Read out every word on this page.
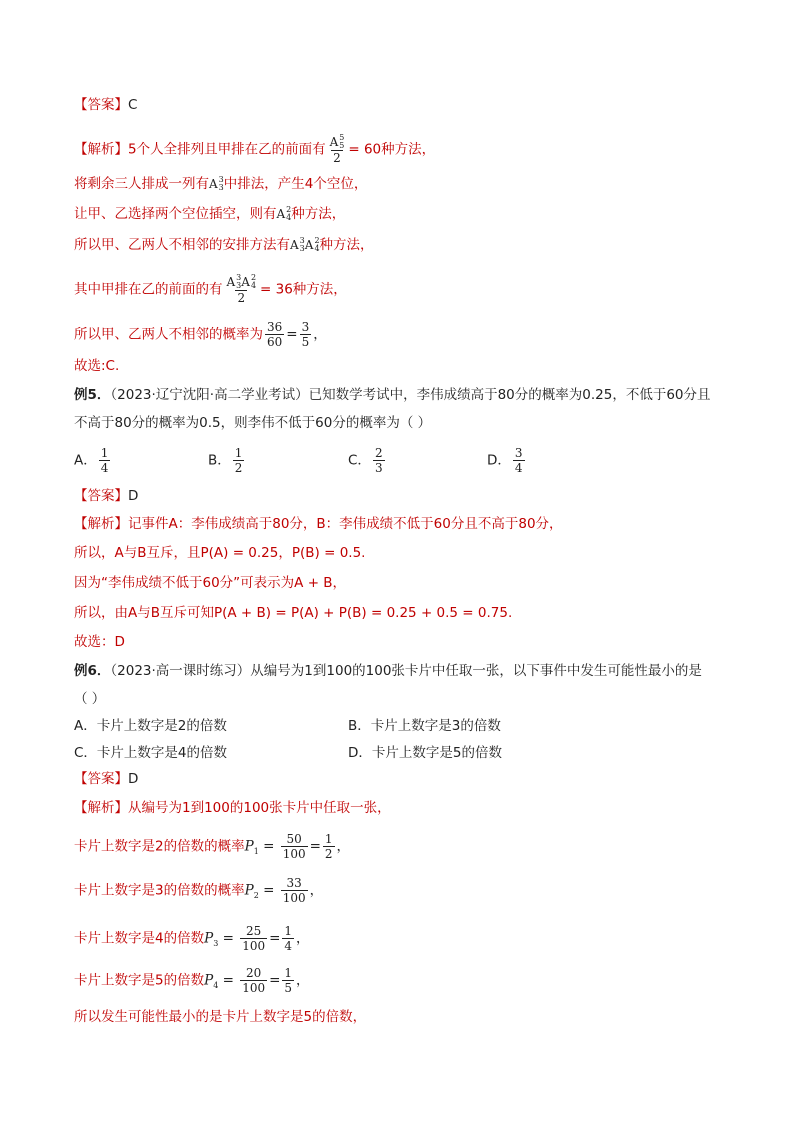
【答案】C
【解析】5个人全排列且甲排在乙的前面有 A 5
5
2 = 60种方法，
将剩余三人排成一列有A 3
3 中排法，产生4个空位，
让甲、乙选择两个空位插空，则有A 2
4 种方法，
所以甲、乙两人不相邻的安排方法有A 3
3 A 2
4 种方法，
其中甲排在乙的前面的有 A 3
3 A 2
4
2 = 36种方法，
所以甲、乙两人不相邻的概率为 $\frac{36}{60} = \frac{3}{5}$ ，
故选:C.
例5．（2023·辽宁沈阳·高二学业考试）已知数学考试中，李伟成绩高于80分的概率为0.25，不低于60分且
不高于80分的概率为0.5，则李伟不低于60分的概率为（ ）
A． $\frac{1}{4}$	B． $\frac{1}{2}$	C． $\frac{2}{3}$	D． $\frac{3}{4}$
【答案】D
【解析】记事件A：李伟成绩高于80分，B：李伟成绩不低于60分且不高于80分，
所以，A与B互斥，且P(A) = 0.25，P(B) = 0.5.
因为“李伟成绩不低于60分”可表示为A + B，
所以，由A与B互斥可知P(A + B) = P(A) + P(B) = 0.25 + 0.5 = 0.75.
故选：D
例6．（2023·高一课时练习）从编号为1到100的100张卡片中任取一张，以下事件中发生可能性最小的是
（ ）
A．卡片上数字是2的倍数	B．卡片上数字是3的倍数
C．卡片上数字是4的倍数	D．卡片上数字是5的倍数
【答案】D
【解析】从编号为1到100的100张卡片中任取一张，
卡片上数字是2的倍数的概率$P_1 = \frac{50}{100} = \frac{1}{2}$ ，
卡片上数字是3的倍数的概率$P_2 = \frac{33}{100}$ ，
卡片上数字是4的倍数$P_3 = \frac{25}{100} = \frac{1}{4}$ ，
卡片上数字是5的倍数$P_4 = \frac{20}{100} = \frac{1}{5}$ ，
所以发生可能性最小的是卡片上数字是5的倍数，
